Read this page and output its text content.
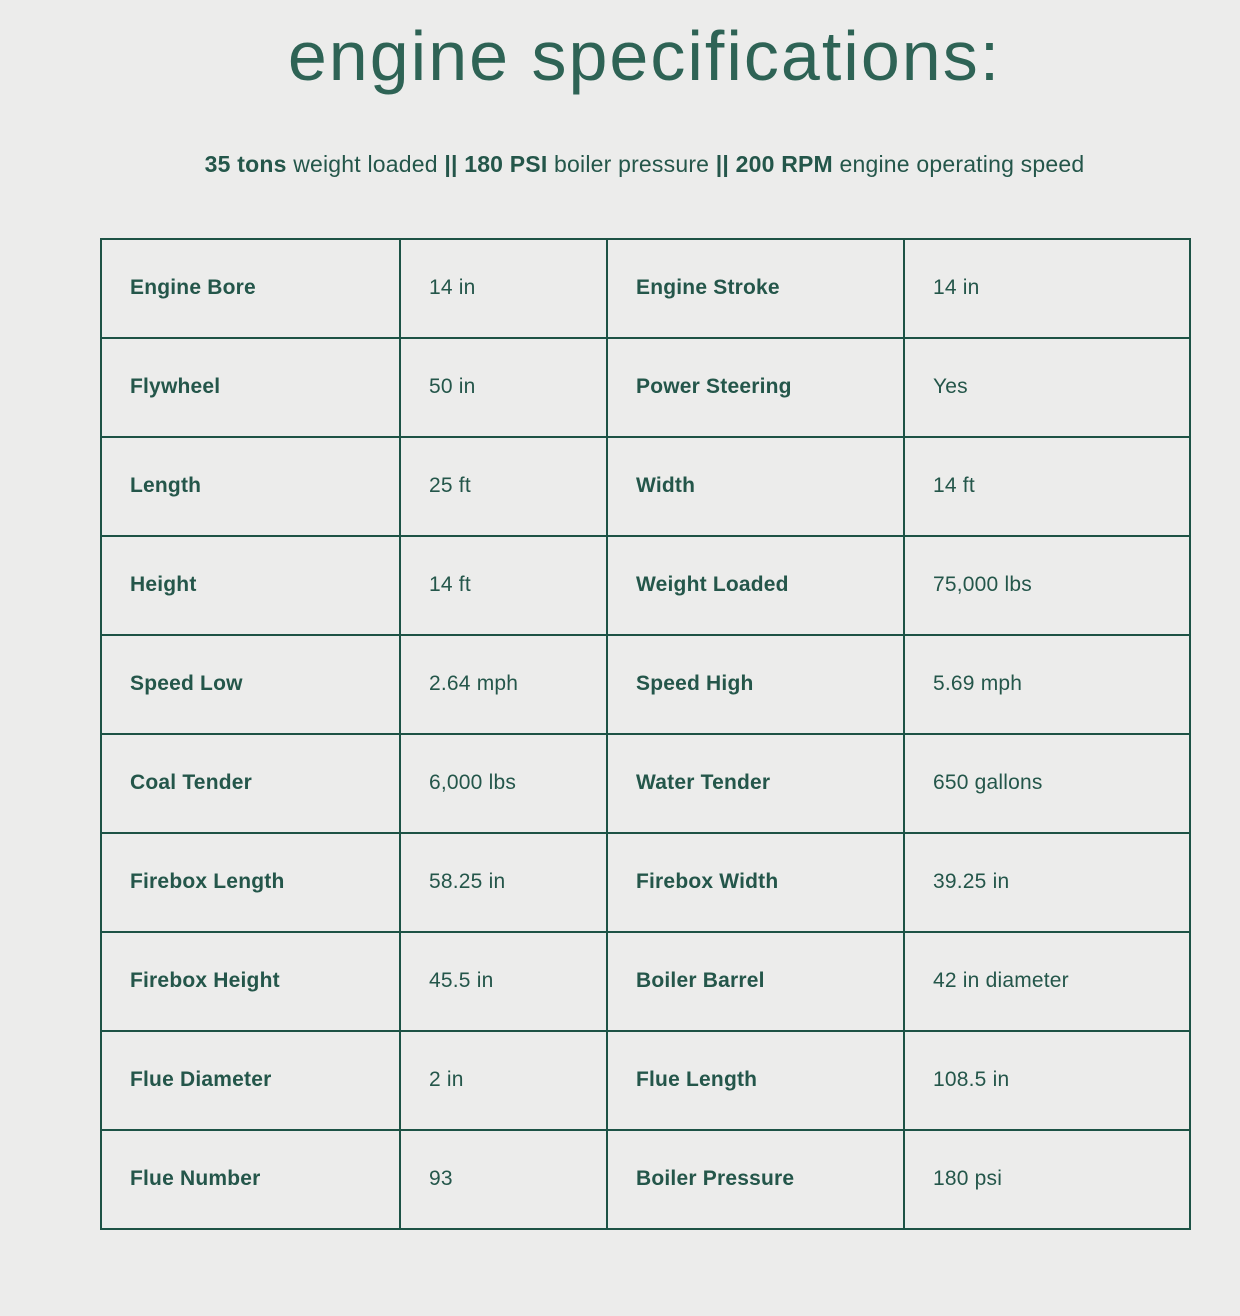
engine specifications:

35 tons weight loaded || 180 PSI boiler pressure || 200 RPM engine operating speed

Engine Bore	14 in	Engine Stroke	14 in
Flywheel	50 in	Power Steering	Yes
Length	25 ft	Width	14 ft
Height	14 ft	Weight Loaded	75,000 lbs
Speed Low	2.64 mph	Speed High	5.69 mph
Coal Tender	6,000 lbs	Water Tender	650 gallons
Firebox Length	58.25 in	Firebox Width	39.25 in
Firebox Height	45.5 in	Boiler Barrel	42 in diameter
Flue Diameter	2 in	Flue Length	108.5 in
Flue Number	93	Boiler Pressure	180 psi
